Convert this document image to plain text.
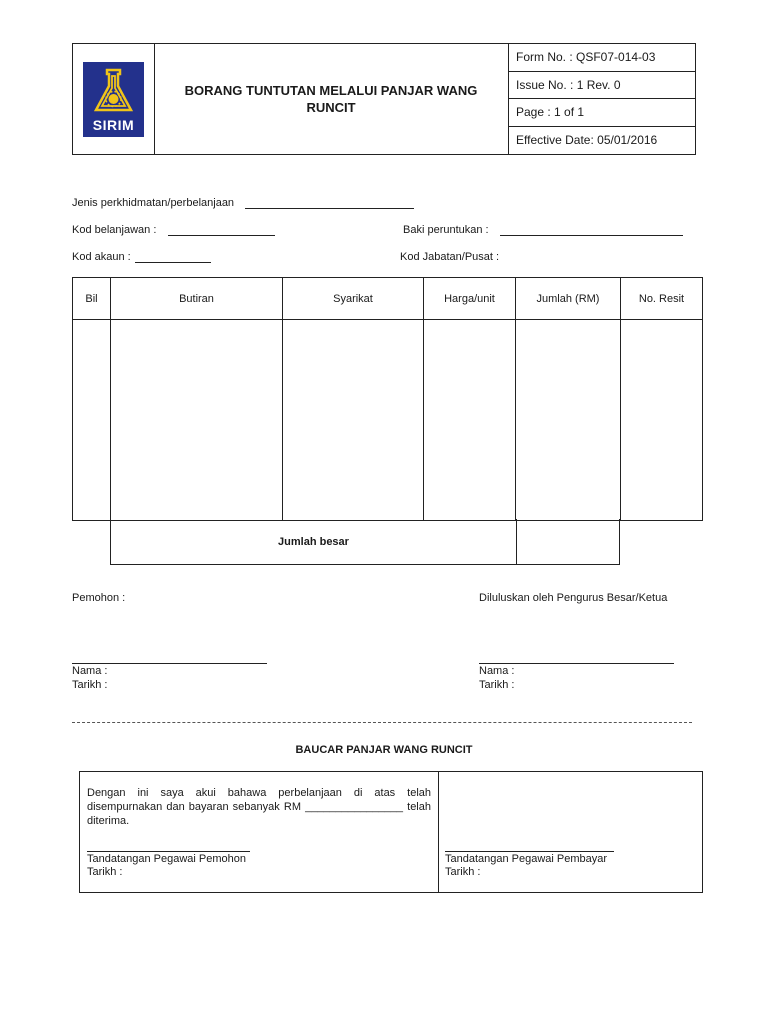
SIRIM
BORANG TUNTUTAN MELALUI PANJAR WANG RUNCIT
Form No. : QSF07-014-03
Issue No. : 1 Rev. 0
Page : 1 of 1
Effective Date: 05/01/2016
Jenis perkhidmatan/perbelanjaan
Kod belanjawan :	Baki peruntukan :
Kod akaun :	Kod Jabatan/Pusat :
Bil	Butiran	Syarikat	Harga/unit	Jumlah (RM)	No. Resit

Jumlah besar
Pemohon :	Diluluskan oleh Pengurus Besar/Ketua
Nama :
Tarikh :
Nama :
Tarikh :
BAUCAR PANJAR WANG RUNCIT
Dengan ini saya akui bahawa perbelanjaan di atas telah disempurnakan dan bayaran sebanyak RM ________________ telah diterima.
Tandatangan Pegawai Pemohon
Tarikh :
Tandatangan Pegawai Pembayar
Tarikh :
